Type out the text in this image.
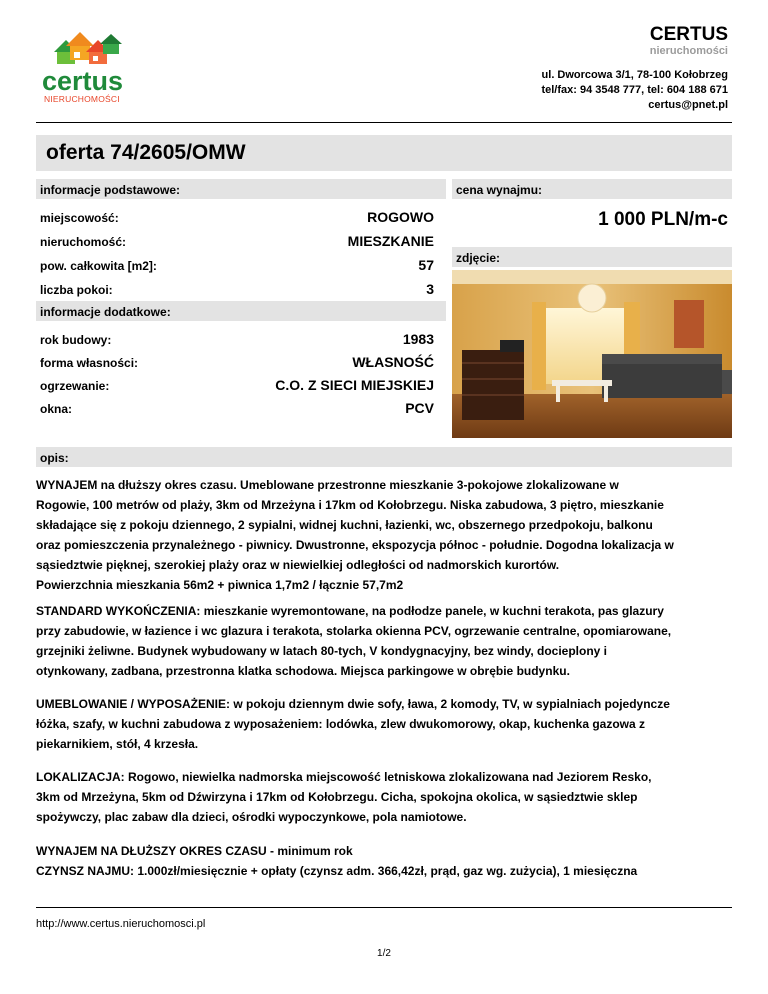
certus
NIERUCHOMOŚCI
CERTUS
nieruchomości
ul. Dworcowa 3/1, 78-100 Kołobrzeg
tel/fax: 94 3548 777, tel: 604 188 671
certus@pnet.pl
oferta 74/2605/OMW
informacje podstawowe:
miejscowość:	ROGOWO
nieruchomość:	MIESZKANIE
pow. całkowita [m2]:	57
liczba pokoi:	3
cena wynajmu:
1 000 PLN/m-c
zdjęcie:
informacje dodatkowe:
rok budowy:	1983
forma własności:	WŁASNOŚĆ
ogrzewanie:	C.O. Z SIECI MIEJSKIEJ
okna:	PCV
opis:
WYNAJEM na dłuższy okres czasu. Umeblowane przestronne mieszkanie 3-pokojowe zlokalizowane w
Rogowie, 100 metrów od plaży, 3km od Mrzeżyna i 17km od Kołobrzegu. Niska zabudowa, 3 piętro, mieszkanie
składające się z pokoju dziennego, 2 sypialni, widnej kuchni, łazienki, wc, obszernego przedpokoju, balkonu
oraz pomieszczenia przynależnego - piwnicy. Dwustronne, ekspozycja północ - południe. Dogodna lokalizacja w
sąsiedztwie pięknej, szerokiej plaży oraz w niewielkiej odległości od nadmorskich kurortów.
Powierzchnia mieszkania 56m2 + piwnica 1,7m2 / łącznie 57,7m2
STANDARD WYKOŃCZENIA: mieszkanie wyremontowane, na podłodze panele, w kuchni terakota, pas glazury
przy zabudowie, w łazience i wc glazura i terakota, stolarka okienna PCV, ogrzewanie centralne, opomiarowane,
grzejniki żeliwne. Budynek wybudowany w latach 80-tych, V kondygnacyjny, bez windy, docieplony i
otynkowany, zadbana, przestronna klatka schodowa. Miejsca parkingowe w obrębie budynku.
UMEBLOWANIE / WYPOSAŻENIE: w pokoju dziennym dwie sofy, ława, 2 komody, TV, w sypialniach pojedyncze
łóżka, szafy, w kuchni zabudowa z wyposażeniem: lodówka, zlew dwukomorowy, okap, kuchenka gazowa z
piekarnikiem, stół, 4 krzesła.
LOKALIZACJA: Rogowo, niewielka nadmorska miejscowość letniskowa zlokalizowana nad Jeziorem Resko,
3km od Mrzeżyna, 5km od Dźwirzyna i 17km od Kołobrzegu. Cicha, spokojna okolica, w sąsiedztwie sklep
spożywczy, plac zabaw dla dzieci, ośrodki wypoczynkowe, pola namiotowe.
WYNAJEM NA DŁUŻSZY OKRES CZASU - minimum rok
CZYNSZ NAJMU: 1.000zł/miesięcznie + opłaty (czynsz adm. 366,42zł, prąd, gaz wg. zużycia), 1 miesięczna
http://www.certus.nieruchomosci.pl
1/2
